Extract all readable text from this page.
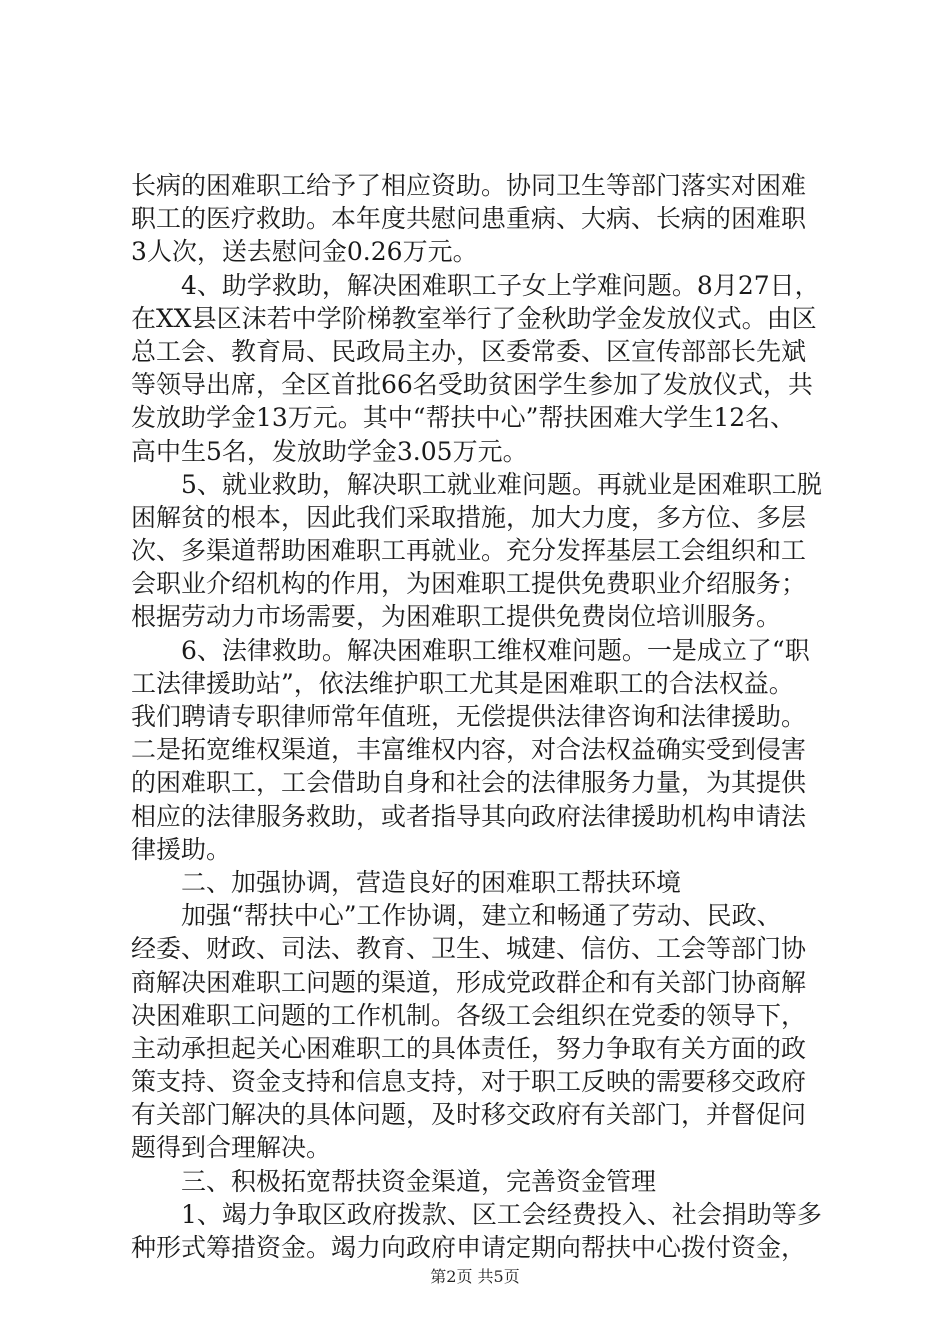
长病的困难职工给予了相应资助。协同卫生等部门落实对困难
职工的医疗救助。本年度共慰问患重病、大病、长病的困难职
3人次，送去慰问金0.26万元。
4、助学救助，解决困难职工子女上学难问题。8月27日，
在XX县区沫若中学阶梯教室举行了金秋助学金发放仪式。由区
总工会、教育局、民政局主办，区委常委、区宣传部部长先斌
等领导出席，全区首批66名受助贫困学生参加了发放仪式，共
发放助学金13万元。其中“帮扶中心”帮扶困难大学生12名、
高中生5名，发放助学金3.05万元。
5、就业救助，解决职工就业难问题。再就业是困难职工脱
困解贫的根本，因此我们采取措施，加大力度，多方位、多层
次、多渠道帮助困难职工再就业。充分发挥基层工会组织和工
会职业介绍机构的作用，为困难职工提供免费职业介绍服务；
根据劳动力市场需要，为困难职工提供免费岗位培训服务。
6、法律救助。解决困难职工维权难问题。一是成立了“职
工法律援助站”，依法维护职工尤其是困难职工的合法权益。
我们聘请专职律师常年值班，无偿提供法律咨询和法律援助。
二是拓宽维权渠道，丰富维权内容，对合法权益确实受到侵害
的困难职工，工会借助自身和社会的法律服务力量，为其提供
相应的法律服务救助，或者指导其向政府法律援助机构申请法
律援助。
二、加强协调，营造良好的困难职工帮扶环境
加强“帮扶中心”工作协调，建立和畅通了劳动、民政、
经委、财政、司法、教育、卫生、城建、信仿、工会等部门协
商解决困难职工问题的渠道，形成党政群企和有关部门协商解
决困难职工问题的工作机制。各级工会组织在党委的领导下，
主动承担起关心困难职工的具体责任，努力争取有关方面的政
策支持、资金支持和信息支持，对于职工反映的需要移交政府
有关部门解决的具体问题，及时移交政府有关部门，并督促问
题得到合理解决。
三、积极拓宽帮扶资金渠道，完善资金管理
1、竭力争取区政府拨款、区工会经费投入、社会捐助等多
种形式筹措资金。竭力向政府申请定期向帮扶中心拨付资金，
第2页 共5页
